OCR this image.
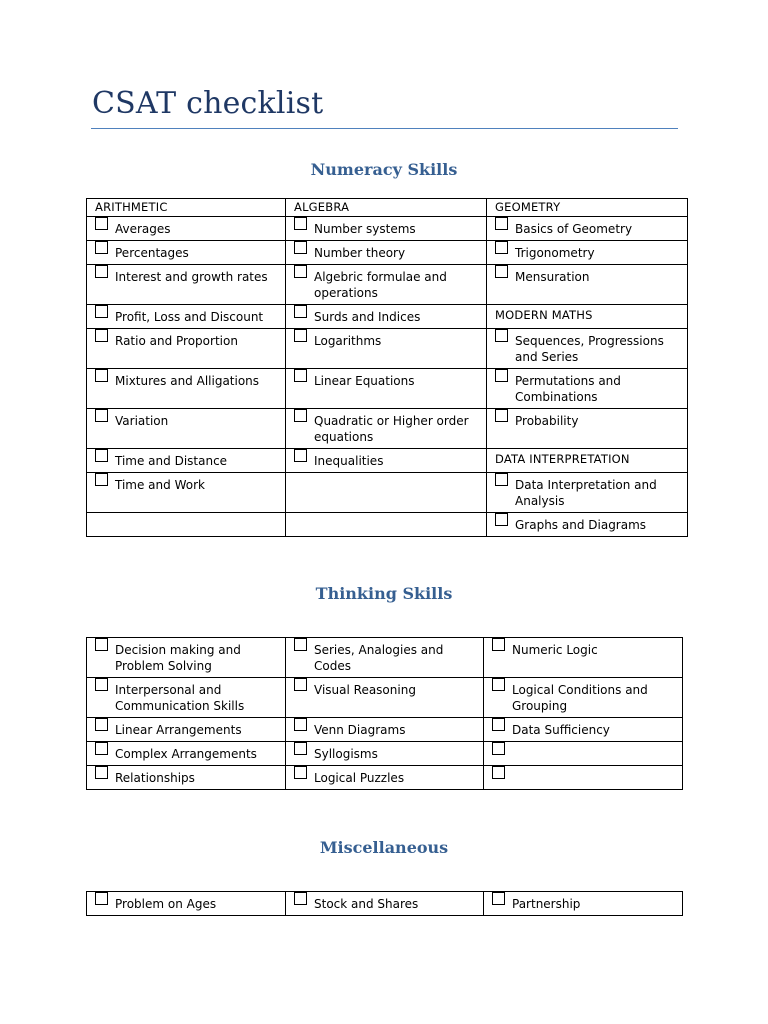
CSAT checklist
Numeracy Skills
ARITHMETIC	ALGEBRA	GEOMETRY

Averages	Number systems	Basics of Geometry

Percentages	Number theory	Trigonometry

Interest and growth rates	Algebric formulae and operations	Mensuration

Profit, Loss and Discount	Surds and Indices	MODERN MATHS

Ratio and Proportion	Logarithms	Sequences, Progressions and Series

Mixtures and Alligations	Linear Equations	Permutations and Combinations

Variation	Quadratic or Higher order equations	Probability

Time and Distance	Inequalities	DATA INTERPRETATION

Time and Work		Data Interpretation and Analysis

		Graphs and Diagrams
Thinking Skills
Decision making and Problem Solving	Series, Analogies and Codes	Numeric Logic

Interpersonal and Communication Skills	Visual Reasoning	Logical Conditions and Grouping

Linear Arrangements	Venn Diagrams	Data Sufficiency

Complex Arrangements	Syllogisms	

Relationships	Logical Puzzles	

Miscellaneous
Problem on Ages	Stock and Shares	Partnership
